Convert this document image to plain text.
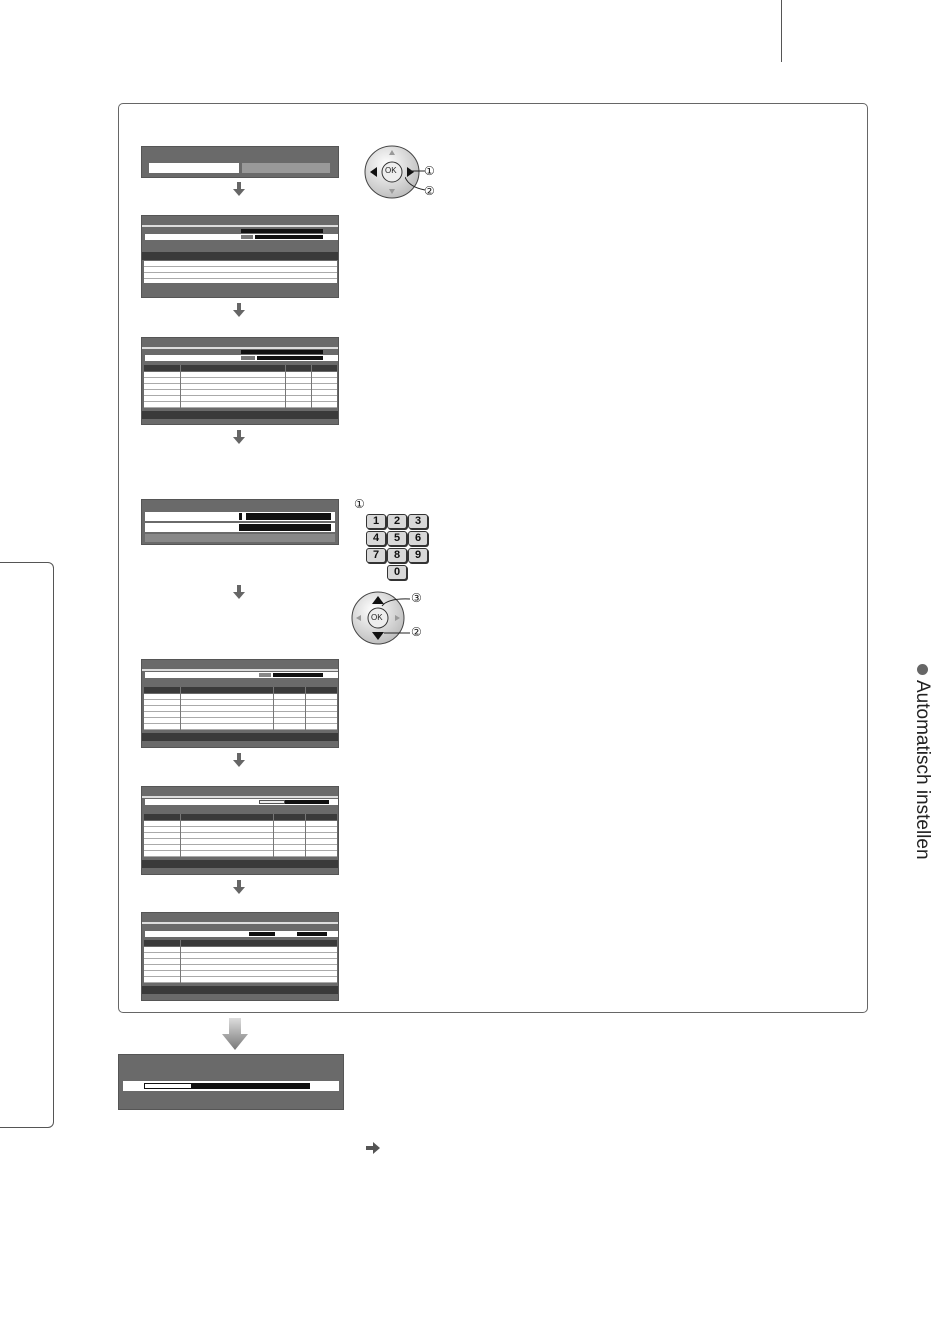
OK ①
②
①
1	2	3
4	5	6
7	8	9
0
OK
③
②
Automatisch instellen
